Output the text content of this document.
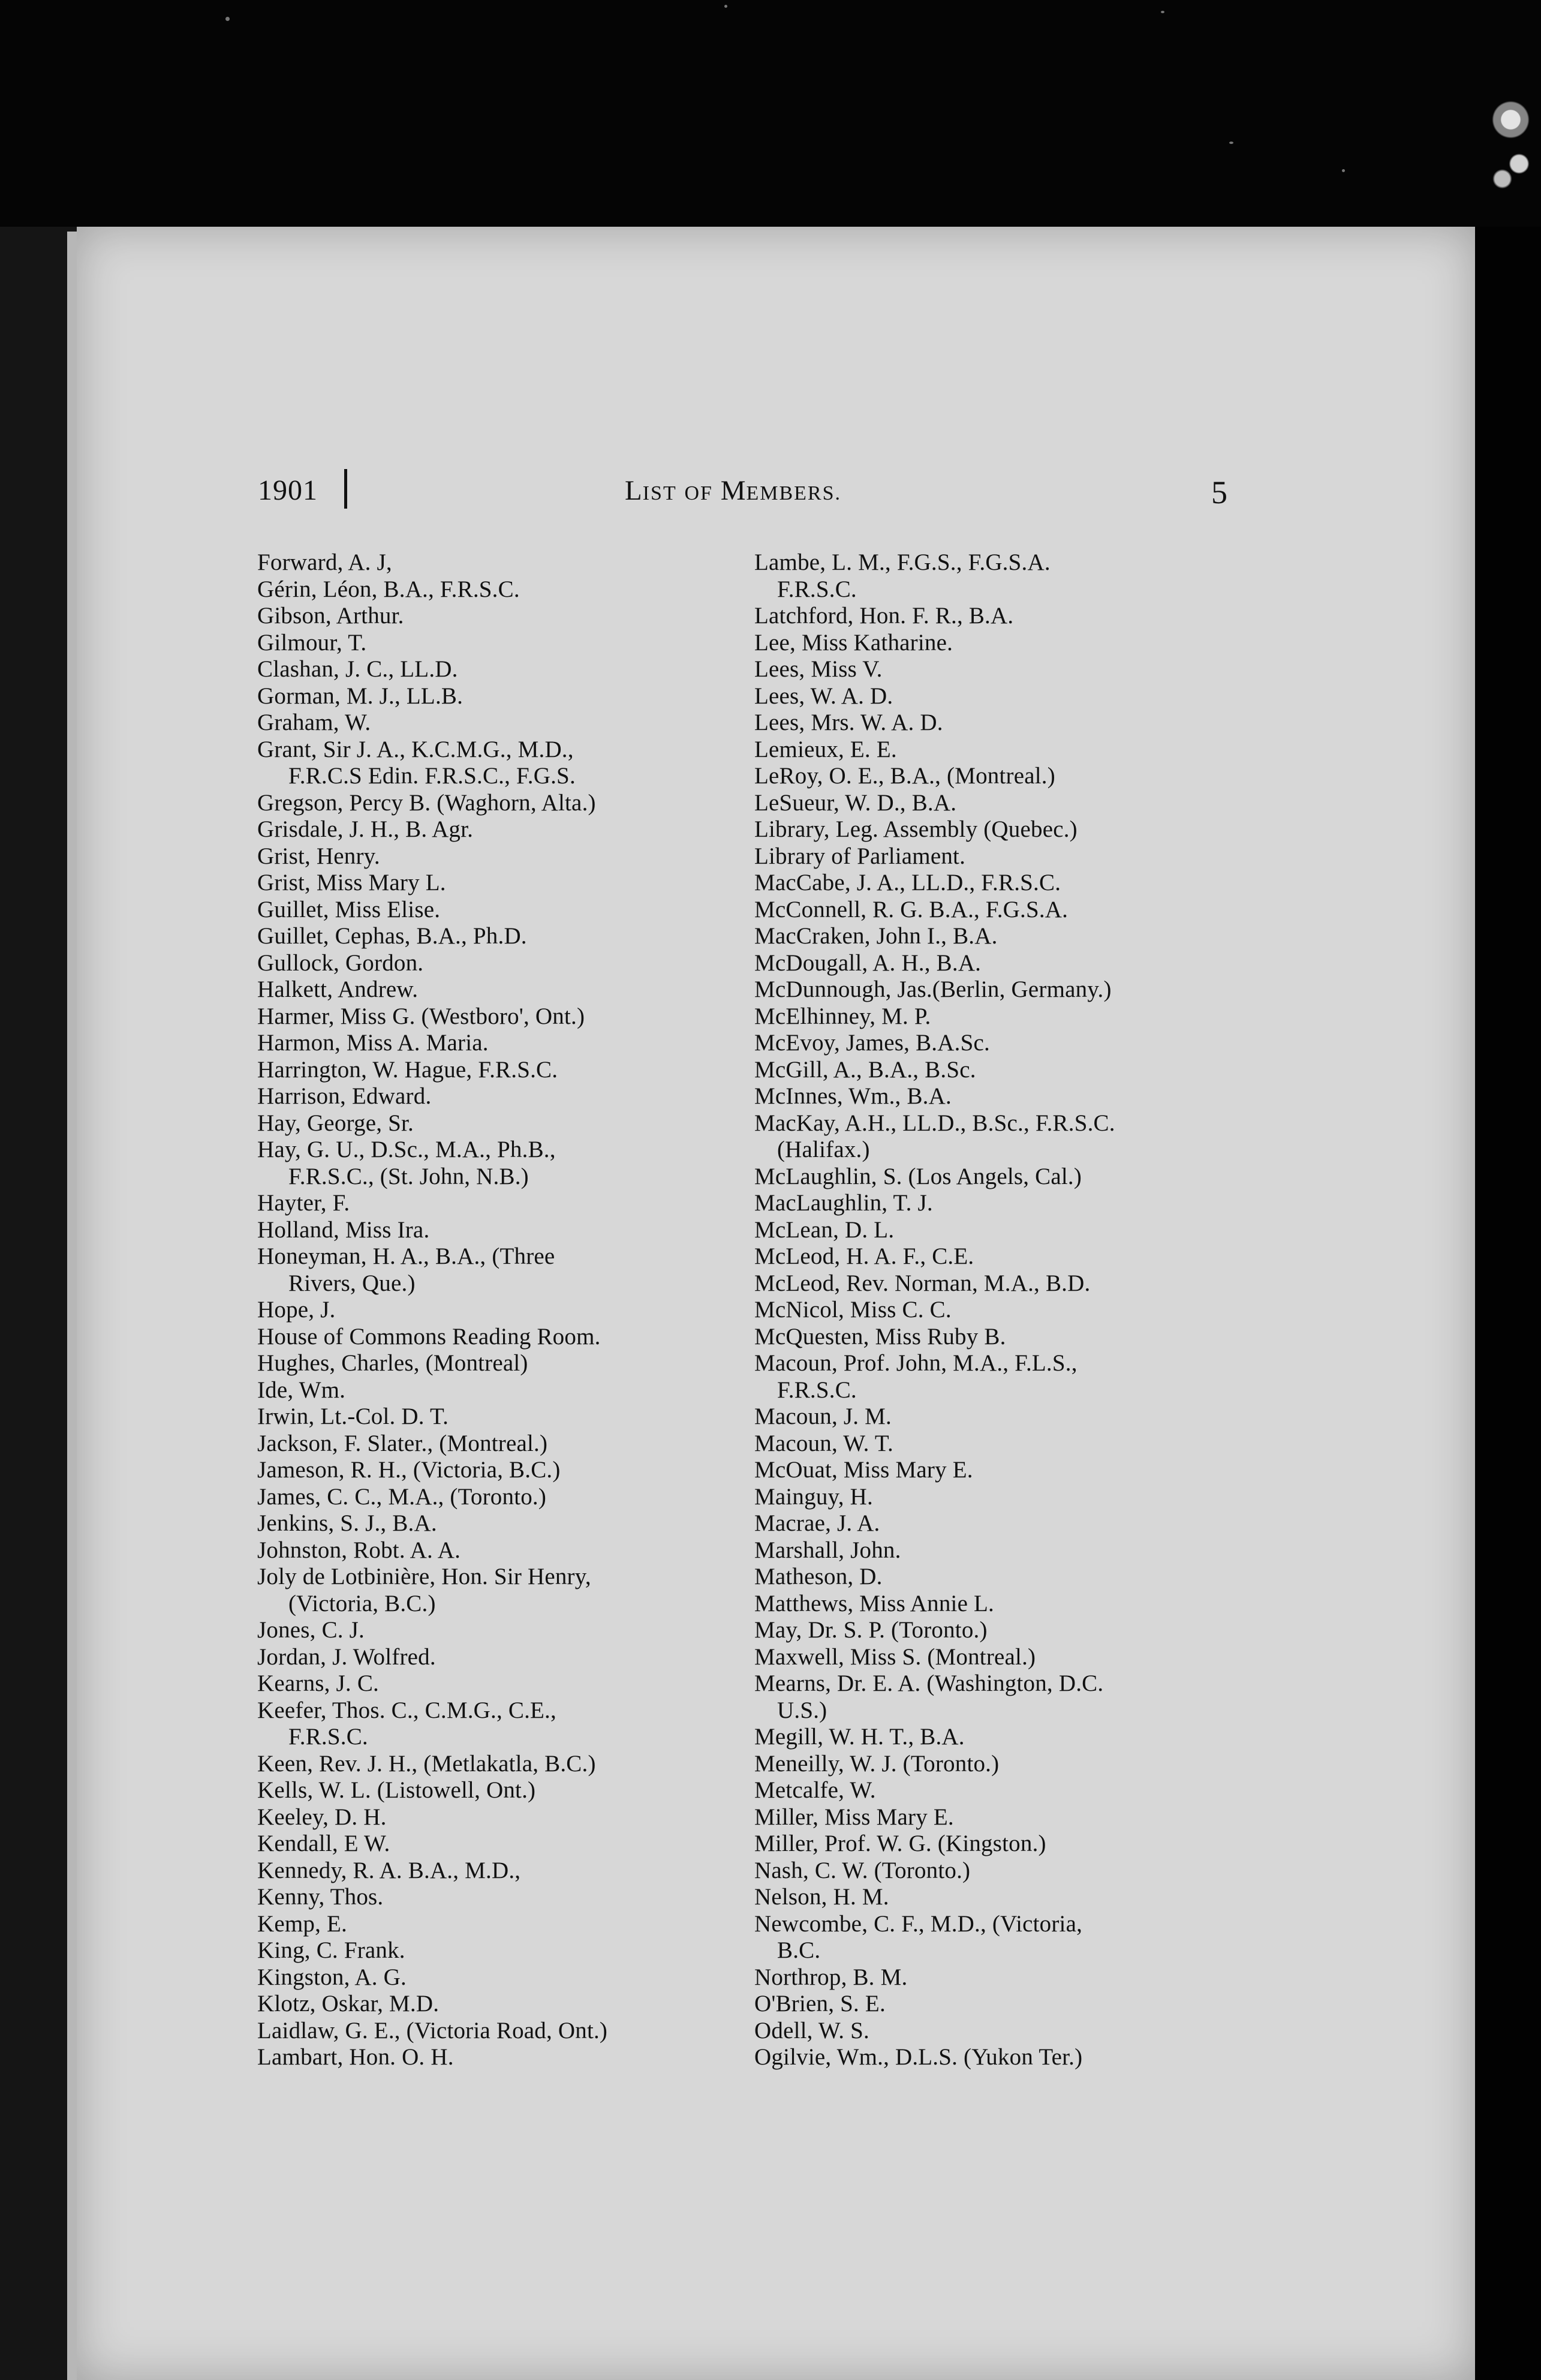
1901	LIST OF MEMBERS.	5
Forward, A. J,
Gérin, Léon, B.A., F.R.S.C.
Gibson, Arthur.
Gilmour, T.
Clashan, J. C., LL.D.
Gorman, M. J., LL.B.
Graham, W.
Grant, Sir J. A., K.C.M.G., M.D.,
F.R.C.S Edin. F.R.S.C., F.G.S.
Gregson, Percy B. (Waghorn, Alta.)
Grisdale, J. H., B. Agr.
Grist, Henry.
Grist, Miss Mary L.
Guillet, Miss Elise.
Guillet, Cephas, B.A., Ph.D.
Gullock, Gordon.
Halkett, Andrew.
Harmer, Miss G. (Westboro', Ont.)
Harmon, Miss A. Maria.
Harrington, W. Hague, F.R.S.C.
Harrison, Edward.
Hay, George, Sr.
Hay, G. U., D.Sc., M.A., Ph.B.,
F.R.S.C., (St. John, N.B.)
Hayter, F.
Holland, Miss Ira.
Honeyman, H. A., B.A., (Three
Rivers, Que.)
Hope, J.
House of Commons Reading Room.
Hughes, Charles, (Montreal)
Ide, Wm.
Irwin, Lt.-Col. D. T.
Jackson, F. Slater., (Montreal.)
Jameson, R. H., (Victoria, B.C.)
James, C. C., M.A., (Toronto.)
Jenkins, S. J., B.A.
Johnston, Robt. A. A.
Joly de Lotbinière, Hon. Sir Henry,
(Victoria, B.C.)
Jones, C. J.
Jordan, J. Wolfred.
Kearns, J. C.
Keefer, Thos. C., C.M.G., C.E.,
F.R.S.C.
Keen, Rev. J. H., (Metlakatla, B.C.)
Kells, W. L. (Listowell, Ont.)
Keeley, D. H.
Kendall, E W.
Kennedy, R. A. B.A., M.D.,
Kenny, Thos.
Kemp, E.
King, C. Frank.
Kingston, A. G.
Klotz, Oskar, M.D.
Laidlaw, G. E., (Victoria Road, Ont.)
Lambart, Hon. O. H.
Lambe, L. M., F.G.S., F.G.S.A.
F.R.S.C.
Latchford, Hon. F. R., B.A.
Lee, Miss Katharine.
Lees, Miss V.
Lees, W. A. D.
Lees, Mrs. W. A. D.
Lemieux, E. E.
LeRoy, O. E., B.A., (Montreal.)
LeSueur, W. D., B.A.
Library, Leg. Assembly (Quebec.)
Library of Parliament.
MacCabe, J. A., LL.D., F.R.S.C.
McConnell, R. G. B.A., F.G.S.A.
MacCraken, John I., B.A.
McDougall, A. H., B.A.
McDunnough, Jas.(Berlin, Germany.)
McElhinney, M. P.
McEvoy, James, B.A.Sc.
McGill, A., B.A., B.Sc.
McInnes, Wm., B.A.
MacKay, A.H., LL.D., B.Sc., F.R.S.C.
(Halifax.)
McLaughlin, S. (Los Angels, Cal.)
MacLaughlin, T. J.
McLean, D. L.
McLeod, H. A. F., C.E.
McLeod, Rev. Norman, M.A., B.D.
McNicol, Miss C. C.
McQuesten, Miss Ruby B.
Macoun, Prof. John, M.A., F.L.S.,
F.R.S.C.
Macoun, J. M.
Macoun, W. T.
McOuat, Miss Mary E.
Mainguy, H.
Macrae, J. A.
Marshall, John.
Matheson, D.
Matthews, Miss Annie L.
May, Dr. S. P. (Toronto.)
Maxwell, Miss S. (Montreal.)
Mearns, Dr. E. A. (Washington, D.C.
U.S.)
Megill, W. H. T., B.A.
Meneilly, W. J. (Toronto.)
Metcalfe, W.
Miller, Miss Mary E.
Miller, Prof. W. G. (Kingston.)
Nash, C. W. (Toronto.)
Nelson, H. M.
Newcombe, C. F., M.D., (Victoria,
B.C.
Northrop, B. M.
O'Brien, S. E.
Odell, W. S.
Ogilvie, Wm., D.L.S. (Yukon Ter.)
